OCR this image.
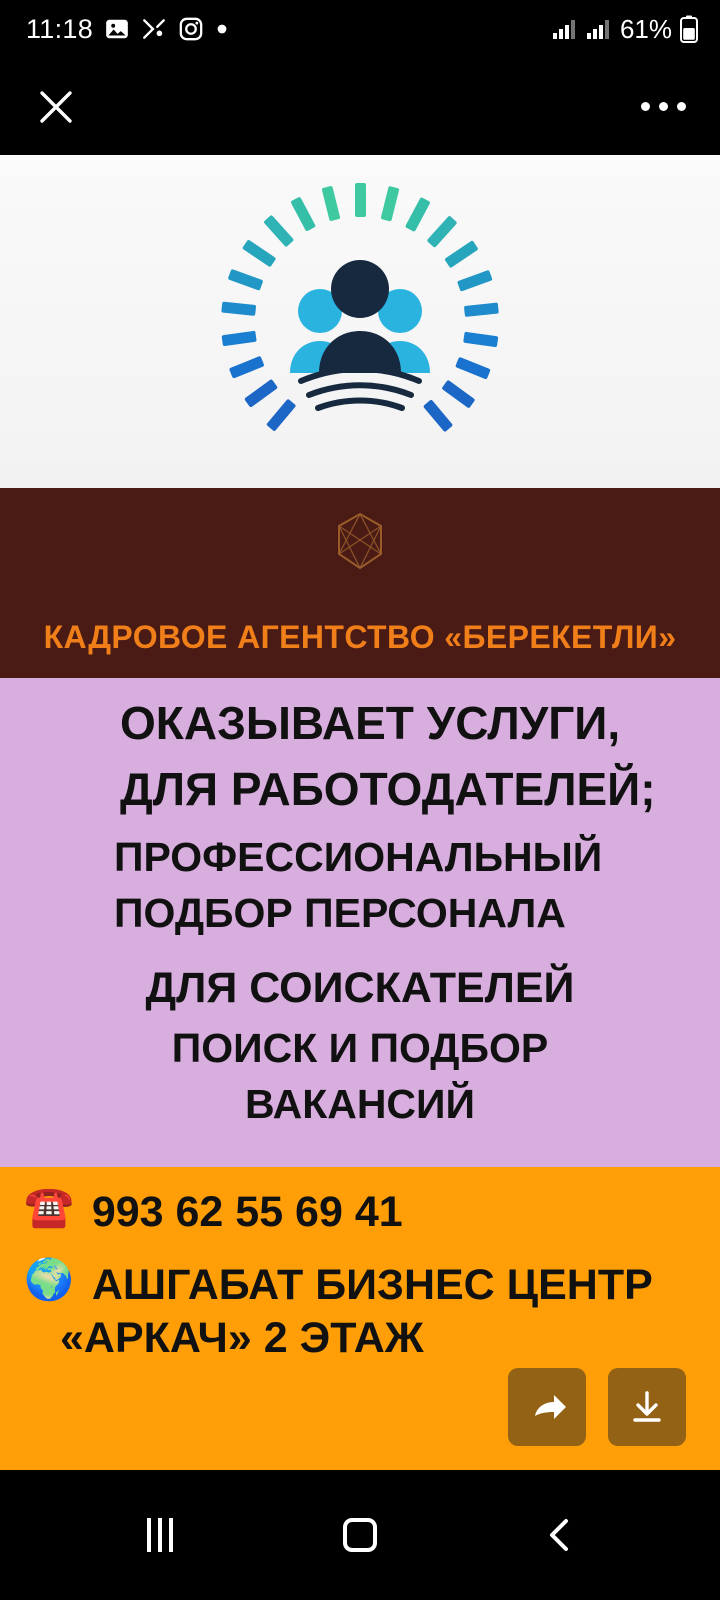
11:18	61%
КАДРОВОЕ АГЕНТСТВО «БЕРЕКЕТЛИ»
ОКАЗЫВАЕТ УСЛУГИ,
ДЛЯ РАБОТОДАТЕЛЕЙ;
ПРОФЕССИОНАЛЬНЫЙ
ПОДБОР ПЕРСОНАЛА
ДЛЯ СОИСКАТЕЛЕЙ
ПОИСК И ПОДБОР
ВАКАНСИЙ
☎️ 993 62 55 69 41
🌍 АШГАБАТ БИЗНЕС ЦЕНТР
«АРКАЧ» 2 ЭТАЖ
